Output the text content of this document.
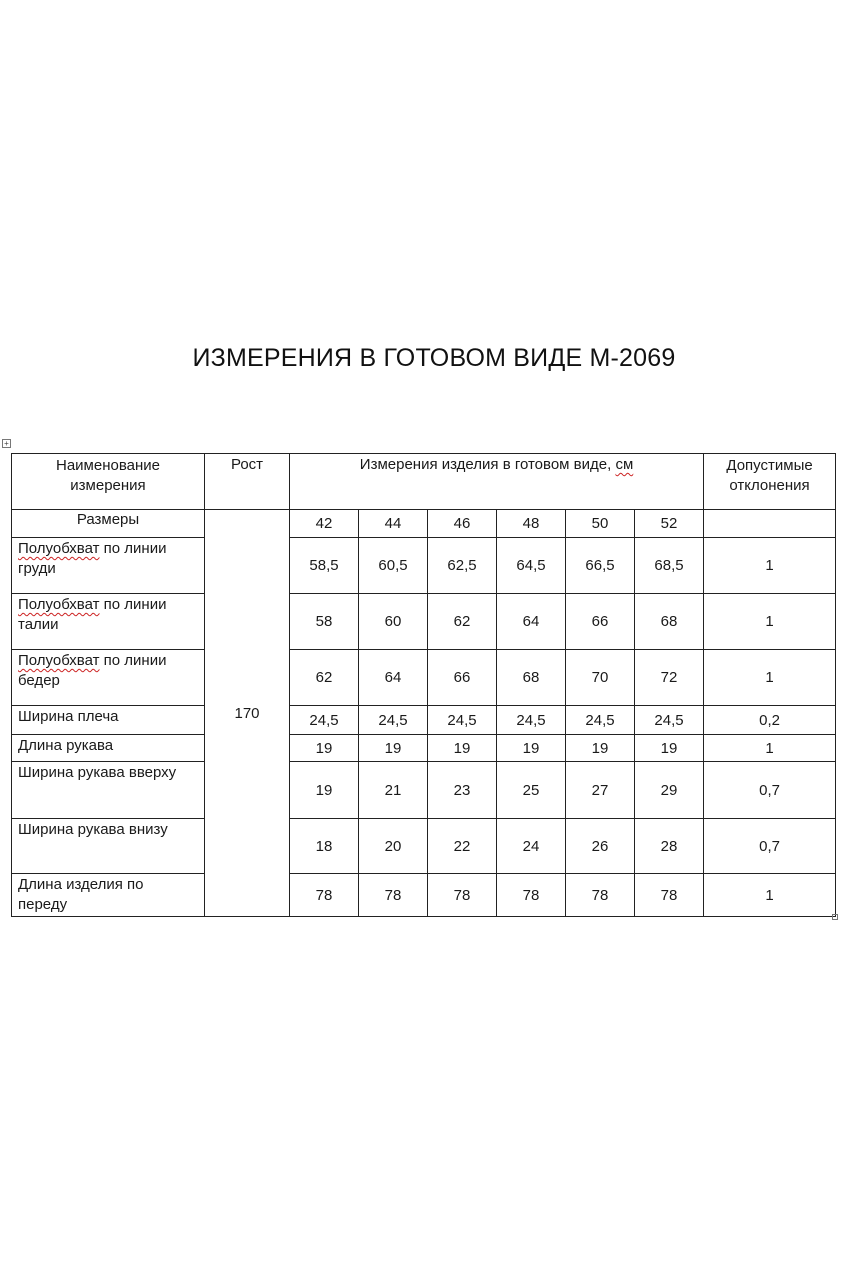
ИЗМЕРЕНИЯ В ГОТОВОМ ВИДЕ М-2069
+
Наименование
измерения	Рост	Измерения изделия в готовом виде, см						Допустимые
отклонения
Размеры	170	42	44	46	48	50	52	
Полуобхват по линии
груди		58,5	60,5	62,5	64,5	66,5	68,5	1
Полуобхват по линии
талии		58	60	62	64	66	68	1
Полуобхват по линии
бедер		62	64	66	68	70	72	1
Ширина плеча		24,5	24,5	24,5	24,5	24,5	24,5	0,2
Длина рукава		19	19	19	19	19	19	1
Ширина рукава вверху		19	21	23	25	27	29	0,7
Ширина рукава внизу		18	20	22	24	26	28	0,7
Длина изделия по
переду		78	78	78	78	78	78	1
